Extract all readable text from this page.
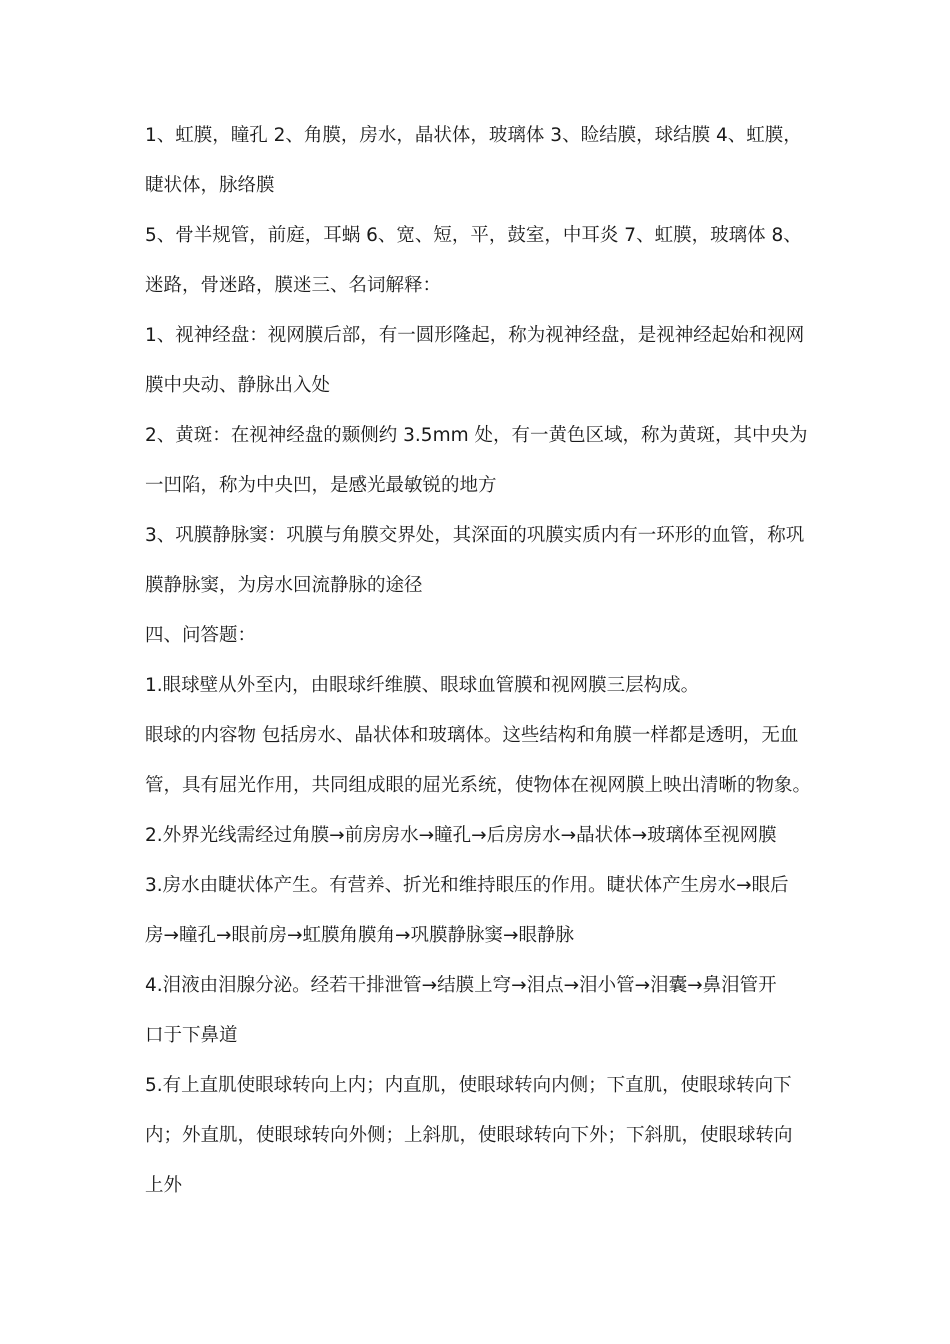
1、虹膜，瞳孔 2、角膜，房水，晶状体，玻璃体 3、睑结膜，球结膜 4、虹膜，
睫状体，脉络膜
5、骨半规管，前庭，耳蜗 6、宽、短，平，鼓室，中耳炎 7、虹膜，玻璃体 8、
迷路，骨迷路，膜迷三、名词解释：
1、视神经盘：视网膜后部，有一圆形隆起，称为视神经盘，是视神经起始和视网
膜中央动、静脉出入处
2、黄斑：在视神经盘的颞侧约 3.5mm 处，有一黄色区域，称为黄斑，其中央为
一凹陷，称为中央凹，是感光最敏锐的地方
3、巩膜静脉窦：巩膜与角膜交界处，其深面的巩膜实质内有一环形的血管，称巩
膜静脉窦，为房水回流静脉的途径
四、问答题：
1.眼球壁从外至内，由眼球纤维膜、眼球血管膜和视网膜三层构成。
眼球的内容物 包括房水、晶状体和玻璃体。这些结构和角膜一样都是透明，无血
管，具有屈光作用，共同组成眼的屈光系统，使物体在视网膜上映出清晰的物象。
2.外界光线需经过角膜→前房房水→瞳孔→后房房水→晶状体→玻璃体至视网膜
3.房水由睫状体产生。有营养、折光和维持眼压的作用。睫状体产生房水→眼后
房→瞳孔→眼前房→虹膜角膜角→巩膜静脉窦→眼静脉
4.泪液由泪腺分泌。经若干排泄管→结膜上穹→泪点→泪小管→泪囊→鼻泪管开
口于下鼻道
5.有上直肌使眼球转向上内；内直肌，使眼球转向内侧；下直肌，使眼球转向下
内；外直肌，使眼球转向外侧；上斜肌，使眼球转向下外；下斜肌，使眼球转向
上外
